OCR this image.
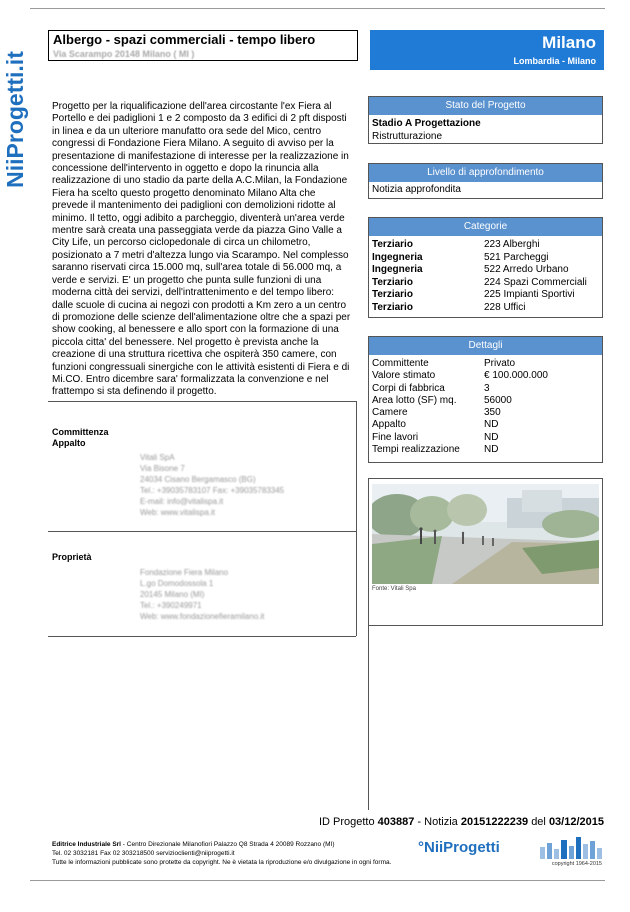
NiiProgetti.it
Albergo - spazi commerciali - tempo libero
Via Scarampo 20148 Milano ( MI )
Milano
Lombardia - Milano
Progetto per la riqualificazione dell'area circostante l'ex Fiera al Portello e dei padiglioni 1 e 2 composto da 3 edifici di 2 pft disposti in linea e da un ulteriore manufatto ora sede del Mico, centro congressi di Fondazione Fiera Milano. A seguito di avviso per la presentazione di manifestazione di interesse per la realizzazione in concessione dell'intervento in oggetto e dopo la rinuncia alla realizzazione di uno stadio da parte della A.C.Milan, la Fondazione Fiera ha scelto questo progetto denominato Milano Alta che prevede il mantenimento dei padiglioni con demolizioni ridotte al minimo. Il tetto, oggi adibito a parcheggio, diventerà un'area verde mentre sarà creata una passeggiata verde da piazza Gino Valle a City Life, un percorso ciclopedonale di circa un chilometro, posizionato a 7 metri d'altezza lungo via Scarampo. Nel complesso saranno riservati circa 15.000 mq, sull'area totale di 56.000 mq, a verde e servizi. E' un progetto che punta sulle funzioni di una moderna città dei servizi, dell'intrattenimento e del tempo libero: dalle scuole di cucina ai negozi con prodotti a Km zero a un centro di promozione delle scienze dell'alimentazione oltre che a spazi per show cooking, al benessere e allo sport con la formazione di una piccola citta' del benessere. Nel progetto è prevista anche la creazione di una struttura ricettiva che ospiterà 350 camere, con funzioni congressuali sinergiche con le attività esistenti di Fiera e di Mi.CO. Entro dicembre sara' formalizzata la convenzione e nel frattempo si sta definendo il progetto.
Committenza
Appalto
Vitali SpA
Via Bisone 7
24034 Cisano Bergamasco (BG)
Tel.: +39035783107 Fax: +39035783345
E-mail: info@vitalispa.it
Web: www.vitalispa.it
Proprietà
Fondazione Fiera Milano
L.go Domodossola 1
20145 Milano (MI)
Tel.: +390249971
Web: www.fondazionefieramilano.it
Stato del Progetto
Stadio A Progettazione
Ristrutturazione
Livello di approfondimento
Notizia approfondita
Categorie
Terziario	223 Alberghi
Ingegneria	521 Parcheggi
Ingegneria	522 Arredo Urbano
Terziario	224 Spazi Commerciali
Terziario	225 Impianti Sportivi
Terziario	228 Uffici
Dettagli
Committente	Privato
Valore stimato	€ 100.000.000
Corpi di fabbrica	3
Area lotto (SF) mq.	56000
Camere	350
Appalto	ND
Fine lavori	ND
Tempi realizzazione	ND
Fonte: Vitali Spa
ID Progetto 403887 - Notizia 20151222239 del 03/12/2015
Editrice Industriale Srl - Centro Direzionale Milanofiori Palazzo Q8 Strada 4 20089 Rozzano (MI)
Tel. 02 3032181 Fax 02 303218500 servizioclienti@niiprogetti.it
Tutte le informazioni pubblicate sono protette da copyright. Ne è vietata la riproduzione e/o divulgazione in ogni forma.
°NiiProgetti
copyright 1964-2015
